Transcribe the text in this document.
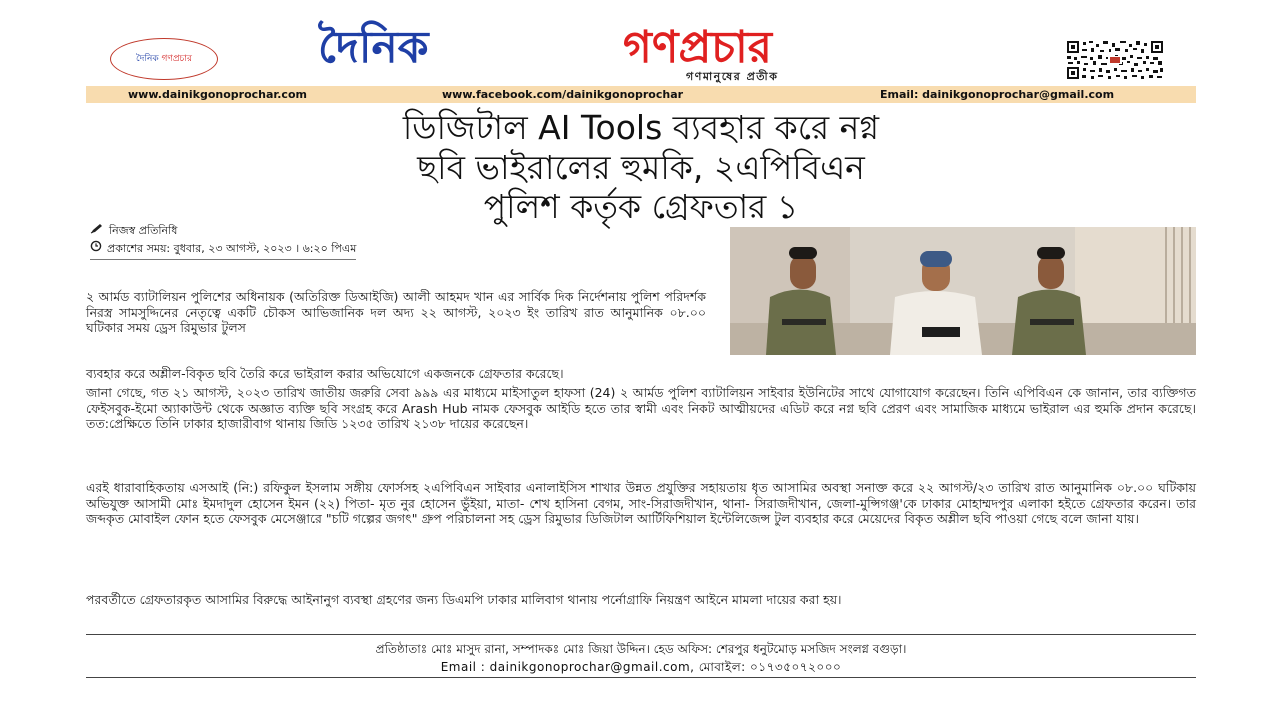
দৈনিক গণপ্রচার	দৈনিক	গণপ্রচার
গণমানুষের প্রতীক
www.dainikgonoprochar.com	www.facebook.com/dainikgonoprochar	Email: dainikgonoprochar@gmail.com
ডিজিটাল AI Tools ব্যবহার করে নগ্ন
ছবি ভাইরালের হুমকি, ২এপিবিএন
পুলিশ কর্তৃক গ্রেফতার ১
নিজস্ব প্রতিনিধি
প্রকাশের সময়: বুধবার, ২৩ আগস্ট, ২০২৩ । ৬:২০ পিএম
২ আর্মড ব্যাটালিয়ন পুলিশের অধিনায়ক (অতিরিক্ত ডিআইজি) আলী আহমদ খান এর সার্বিক দিক নির্দেশনায় পুলিশ পরিদর্শক নিরস্ত্র সামসুদ্দিনের নেতৃত্বে একটি চৌকস আভিজানিক দল অদ্য ২২ আগস্ট, ২০২৩ ইং তারিখ রাত আনুমানিক ০৮.০০ ঘটিকার সময় ড্রেস রিমুভার টুলস
ব্যবহার করে অশ্লীল-বিকৃত ছবি তৈরি করে ভাইরাল করার অভিযোগে একজনকে গ্রেফতার করেছে।
জানা গেছে, গত ২১ আগস্ট, ২০২৩ তারিখ জাতীয় জরুরি সেবা ৯৯৯ এর মাধ্যমে মাইসাতুল হাফসা (24) ২ আর্মড পুলিশ ব্যাটালিয়ন সাইবার ইউনিটের সাথে যোগাযোগ করেছেন। তিনি এপিবিএন কে জানান, তার ব্যক্তিগত ফেইসবুক-ইমো অ্যাকাউন্ট থেকে অজ্ঞাত ব্যক্তি ছবি সংগ্রহ করে Arash Hub নামক ফেসবুক আইডি হতে তার স্বামী এবং নিকট আত্মীয়দের এডিট করে নগ্ন ছবি প্রেরণ এবং সামাজিক মাধ্যমে ভাইরাল এর হুমকি প্রদান করেছে। তত:প্রেক্ষিতে তিনি ঢাকার হাজারীবাগ থানায় জিডি ১২৩৫ তারিখ ২১৩৮ দায়ের করেছেন।
এরই ধারাবাহিকতায় এসআই (নি:) রফিকুল ইসলাম সঙ্গীয় ফোর্সসহ ২এপিবিএন সাইবার এনালাইসিস শাখার উন্নত প্রযুক্তির সহায়তায় ধৃত আসামির অবস্থা সনাক্ত করে ২২ আগস্ট/২৩ তারিখ রাত আনুমানিক ০৮.০০ ঘটিকায় অভিযুক্ত আসামী মোঃ ইমদাদুল হোসেন ইমন (২২) পিতা- মৃত নুর হোসেন ভুঁইয়া, মাতা- শেখ হাসিনা বেগম, সাং-সিরাজদীখান, থানা- সিরাজদীখান, জেলা-মুন্সিগঞ্জ'কে ঢাকার মোহাম্মদপুর এলাকা হইতে গ্রেফতার করেন। তার জব্দকৃত মোবাইল ফোন হতে ফেসবুক মেসেঞ্জারে "চটি গল্পের জগৎ" গ্রুপ পরিচালনা সহ ড্রেস রিমুভার ডিজিটাল আর্টিফিশিয়াল ইন্টেলিজেন্স টুল ব্যবহার করে মেয়েদের বিকৃত অশ্লীল ছবি পাওয়া গেছে বলে জানা যায়।
পরবর্তীতে গ্রেফতারকৃত আসামির বিরুদ্ধে আইনানুগ ব্যবস্থা গ্রহণের জন্য ডিএমপি ঢাকার মালিবাগ থানায় পর্নোগ্রাফি নিয়ন্ত্রণ আইনে মামলা দায়ের করা হয়।
প্রতিষ্ঠাতাঃ মোঃ মাসুদ রানা, সম্পাদকঃ মোঃ জিয়া উদ্দিন। হেড অফিস: শেরপুর ধনুটমোড় মসজিদ সংলগ্ন বগুড়া।
Email : dainikgonoprochar@gmail.com, মোবাইল: ০১৭৩৫০৭২০০০
